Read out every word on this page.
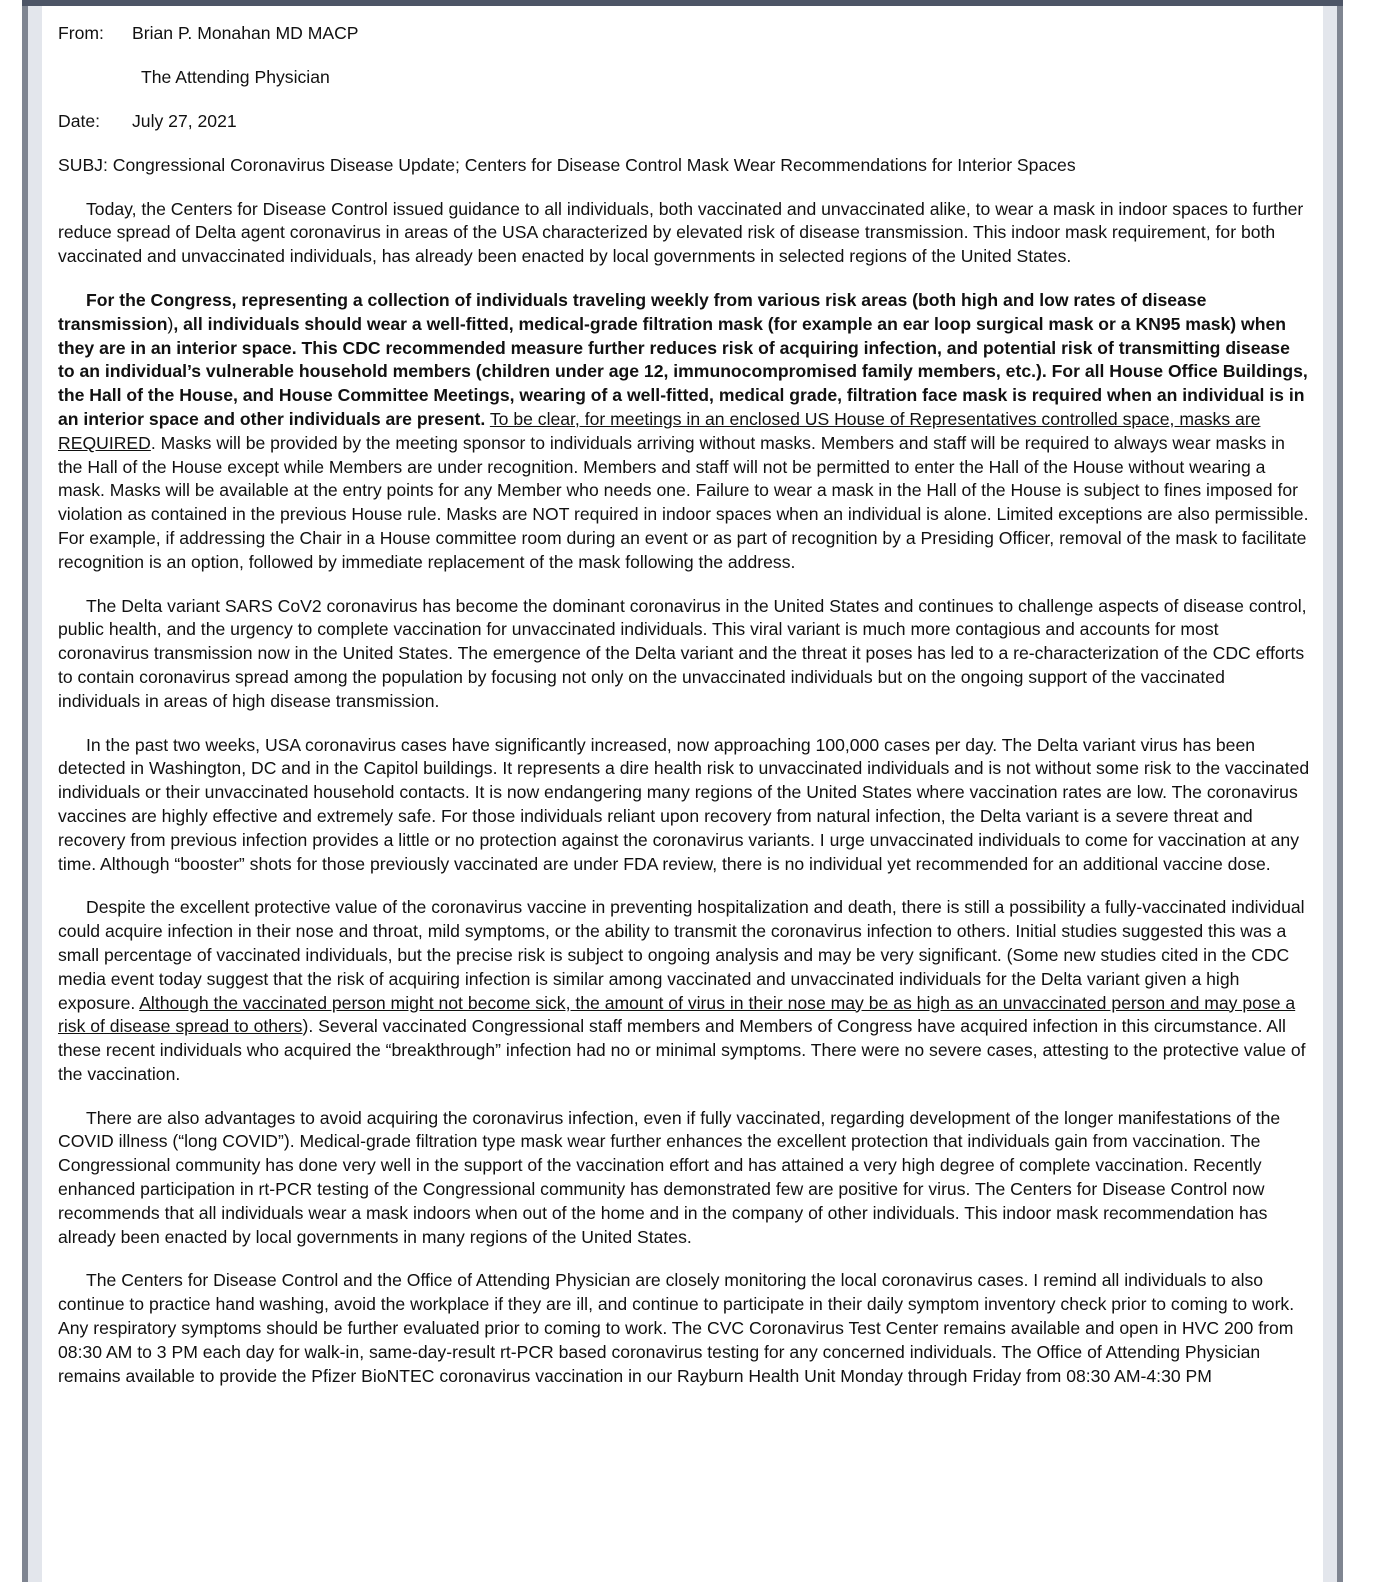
From:	Brian P. Monahan MD MACP
The Attending Physician
Date:	July 27, 2021
SUBJ: Congressional Coronavirus Disease Update; Centers for Disease Control Mask Wear Recommendations for Interior Spaces

Today, the Centers for Disease Control issued guidance to all individuals, both vaccinated and unvaccinated alike, to wear a mask in indoor spaces to further reduce spread of Delta agent coronavirus in areas of the USA characterized by elevated risk of disease transmission. This indoor mask requirement, for both vaccinated and unvaccinated individuals, has already been enacted by local governments in selected regions of the United States.

For the Congress, representing a collection of individuals traveling weekly from various risk areas (both high and low rates of disease transmission), all individuals should wear a well-fitted, medical-grade filtration mask (for example an ear loop surgical mask or a KN95 mask) when they are in an interior space. This CDC recommended measure further reduces risk of acquiring infection, and potential risk of transmitting disease to an individual’s vulnerable household members (children under age 12, immunocompromised family members, etc.). For all House Office Buildings, the Hall of the House, and House Committee Meetings, wearing of a well-fitted, medical grade, filtration face mask is required when an individual is in an interior space and other individuals are present. To be clear, for meetings in an enclosed US House of Representatives controlled space, masks are REQUIRED. Masks will be provided by the meeting sponsor to individuals arriving without masks. Members and staff will be required to always wear masks in the Hall of the House except while Members are under recognition. Members and staff will not be permitted to enter the Hall of the House without wearing a mask. Masks will be available at the entry points for any Member who needs one. Failure to wear a mask in the Hall of the House is subject to fines imposed for violation as contained in the previous House rule. Masks are NOT required in indoor spaces when an individual is alone. Limited exceptions are also permissible. For example, if addressing the Chair in a House committee room during an event or as part of recognition by a Presiding Officer, removal of the mask to facilitate recognition is an option, followed by immediate replacement of the mask following the address.

The Delta variant SARS CoV2 coronavirus has become the dominant coronavirus in the United States and continues to challenge aspects of disease control, public health, and the urgency to complete vaccination for unvaccinated individuals. This viral variant is much more contagious and accounts for most coronavirus transmission now in the United States. The emergence of the Delta variant and the threat it poses has led to a re-characterization of the CDC efforts to contain coronavirus spread among the population by focusing not only on the unvaccinated individuals but on the ongoing support of the vaccinated individuals in areas of high disease transmission.

In the past two weeks, USA coronavirus cases have significantly increased, now approaching 100,000 cases per day. The Delta variant virus has been detected in Washington, DC and in the Capitol buildings. It represents a dire health risk to unvaccinated individuals and is not without some risk to the vaccinated individuals or their unvaccinated household contacts. It is now endangering many regions of the United States where vaccination rates are low. The coronavirus vaccines are highly effective and extremely safe. For those individuals reliant upon recovery from natural infection, the Delta variant is a severe threat and recovery from previous infection provides a little or no protection against the coronavirus variants. I urge unvaccinated individuals to come for vaccination at any time. Although “booster” shots for those previously vaccinated are under FDA review, there is no individual yet recommended for an additional vaccine dose.

Despite the excellent protective value of the coronavirus vaccine in preventing hospitalization and death, there is still a possibility a fully-vaccinated individual could acquire infection in their nose and throat, mild symptoms, or the ability to transmit the coronavirus infection to others. Initial studies suggested this was a small percentage of vaccinated individuals, but the precise risk is subject to ongoing analysis and may be very significant. (Some new studies cited in the CDC media event today suggest that the risk of acquiring infection is similar among vaccinated and unvaccinated individuals for the Delta variant given a high exposure. Although the vaccinated person might not become sick, the amount of virus in their nose may be as high as an unvaccinated person and may pose a risk of disease spread to others). Several vaccinated Congressional staff members and Members of Congress have acquired infection in this circumstance. All these recent individuals who acquired the “breakthrough” infection had no or minimal symptoms. There were no severe cases, attesting to the protective value of the vaccination.

There are also advantages to avoid acquiring the coronavirus infection, even if fully vaccinated, regarding development of the longer manifestations of the COVID illness (“long COVID”). Medical-grade filtration type mask wear further enhances the excellent protection that individuals gain from vaccination. The Congressional community has done very well in the support of the vaccination effort and has attained a very high degree of complete vaccination. Recently enhanced participation in rt-PCR testing of the Congressional community has demonstrated few are positive for virus. The Centers for Disease Control now recommends that all individuals wear a mask indoors when out of the home and in the company of other individuals. This indoor mask recommendation has already been enacted by local governments in many regions of the United States.

The Centers for Disease Control and the Office of Attending Physician are closely monitoring the local coronavirus cases. I remind all individuals to also continue to practice hand washing, avoid the workplace if they are ill, and continue to participate in their daily symptom inventory check prior to coming to work. Any respiratory symptoms should be further evaluated prior to coming to work. The CVC Coronavirus Test Center remains available and open in HVC 200 from 08:30 AM to 3 PM each day for walk-in, same-day-result rt-PCR based coronavirus testing for any concerned individuals. The Office of Attending Physician remains available to provide the Pfizer BioNTEC coronavirus vaccination in our Rayburn Health Unit Monday through Friday from 08:30 AM-4:30 PM
